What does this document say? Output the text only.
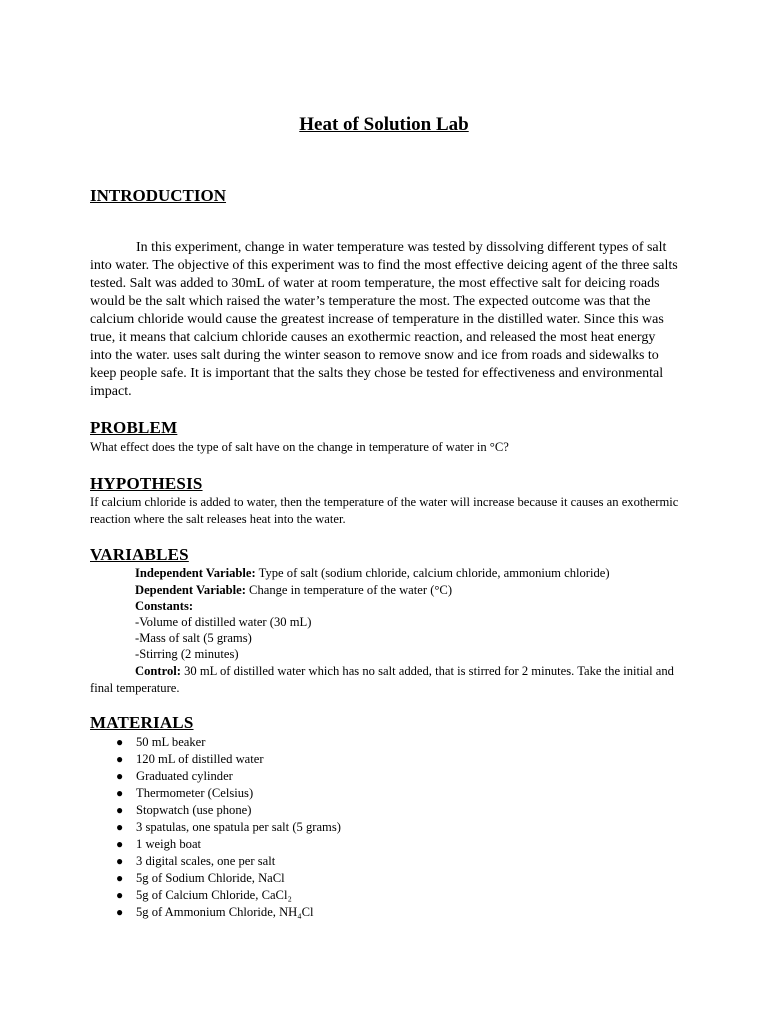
Heat of Solution Lab
INTRODUCTION

In this experiment, change in water temperature was tested by dissolving different types of salt into water. The objective of this experiment was to find the most effective deicing agent of the three salts tested. Salt was added to 30mL of water at room temperature, the most effective salt for deicing roads would be the salt which raised the water’s temperature the most. The expected outcome was that the calcium chloride would cause the greatest increase of temperature in the distilled water. Since this was true, it means that calcium chloride causes an exothermic reaction, and released the most heat energy into the water. uses salt during the winter season to remove snow and ice from roads and sidewalks to keep people safe. It is important that the salts they chose be tested for effectiveness and environmental impact.

PROBLEM

What effect does the type of salt have on the change in temperature of water in °C?

HYPOTHESIS

If calcium chloride is added to water, then the temperature of the water will increase because it causes an exothermic reaction where the salt releases heat into the water.

VARIABLES

Independent Variable: Type of salt (sodium chloride, calcium chloride, ammonium chloride)

Dependent Variable: Change in temperature of the water (°C)

Constants:

-Volume of distilled water (30 mL)

-Mass of salt (5 grams)

-Stirring (2 minutes)

Control: 30 mL of distilled water which has no salt added, that is stirred for 2 minutes. Take the initial and final temperature.

MATERIALS
● 50 mL beaker
● 120 mL of distilled water
● Graduated cylinder
● Thermometer (Celsius)
● Stopwatch (use phone)
● 3 spatulas, one spatula per salt (5 grams)
● 1 weigh boat
● 3 digital scales, one per salt
● 5g of Sodium Chloride, NaCl
● 5g of Calcium Chloride, CaCl₂
● 5g of Ammonium Chloride, NH₄Cl
